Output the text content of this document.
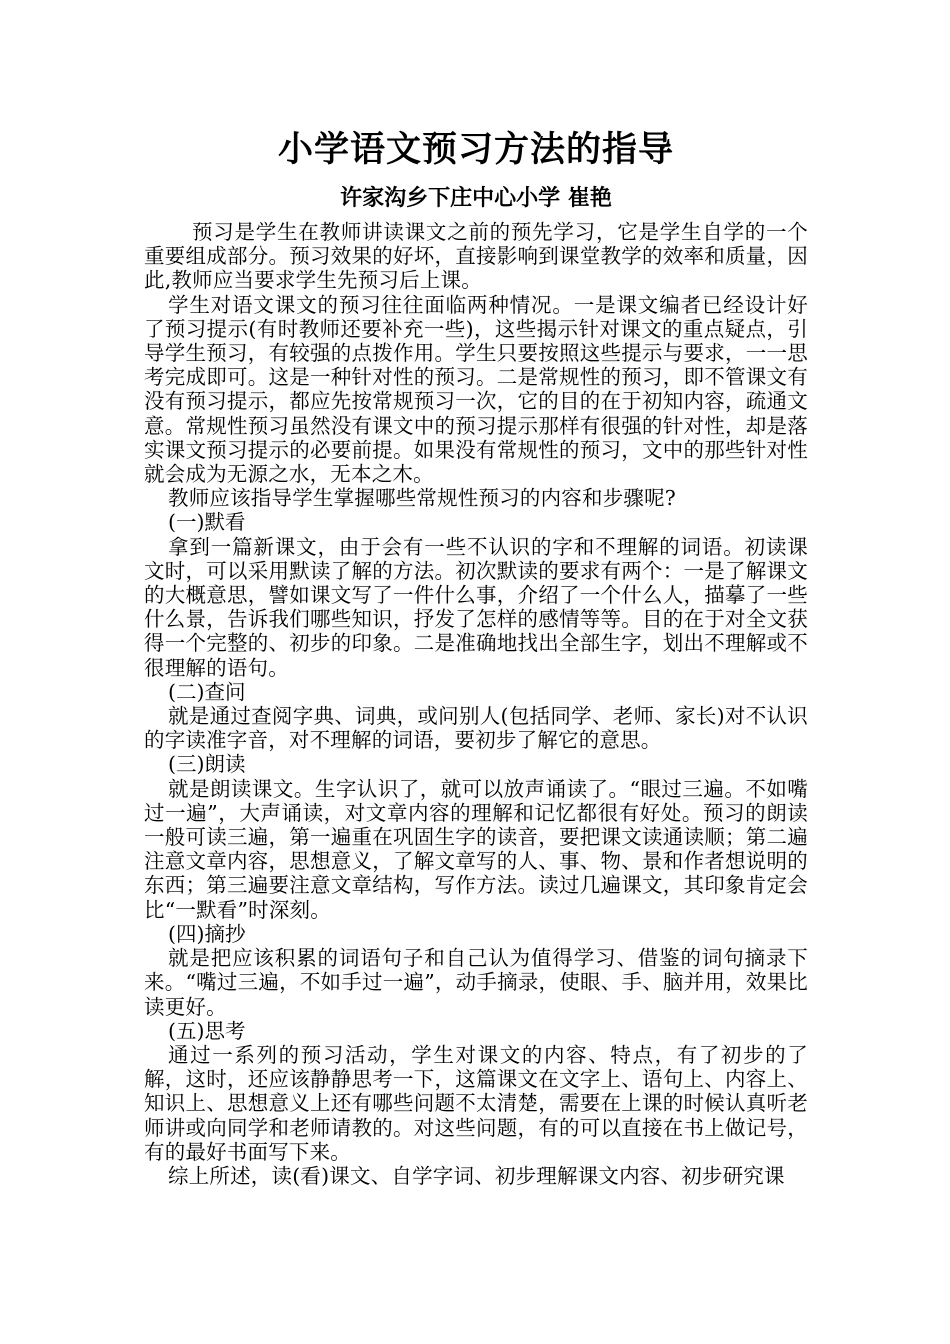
小学语文预习方法的指导
许家沟乡下庄中心小学 崔艳

预习是学生在教师讲读课文之前的预先学习，它是学生自学的一个重要组成部分。预习效果的好坏，直接影响到课堂教学的效率和质量，因此,教师应当要求学生先预习后上课。

学生对语文课文的预习往往面临两种情况。一是课文编者已经设计好了预习提示(有时教师还要补充一些)，这些揭示针对课文的重点疑点，引导学生预习，有较强的点拨作用。学生只要按照这些提示与要求，一一思考完成即可。这是一种针对性的预习。二是常规性的预习，即不管课文有没有预习提示，都应先按常规预习一次，它的目的在于初知内容，疏通文意。常规性预习虽然没有课文中的预习提示那样有很强的针对性，却是落实课文预习提示的必要前提。如果没有常规性的预习，文中的那些针对性就会成为无源之水，无本之木。

教师应该指导学生掌握哪些常规性预习的内容和步骤呢?

(一)默看

拿到一篇新课文，由于会有一些不认识的字和不理解的词语。初读课文时，可以采用默读了解的方法。初次默读的要求有两个：一是了解课文的大概意思，譬如课文写了一件什么事，介绍了一个什么人，描摹了一些什么景，告诉我们哪些知识，抒发了怎样的感情等等。目的在于对全文获得一个完整的、初步的印象。二是准确地找出全部生字，划出不理解或不很理解的语句。

(二)查问

就是通过查阅字典、词典，或问别人(包括同学、老师、家长)对不认识的字读准字音，对不理解的词语，要初步了解它的意思。

(三)朗读

就是朗读课文。生字认识了，就可以放声诵读了。“眼过三遍。不如嘴过一遍”，大声诵读，对文章内容的理解和记忆都很有好处。预习的朗读一般可读三遍，第一遍重在巩固生字的读音，要把课文读通读顺；第二遍注意文章内容，思想意义，了解文章写的人、事、物、景和作者想说明的东西；第三遍要注意文章结构，写作方法。读过几遍课文，其印象肯定会比“一默看”时深刻。

(四)摘抄

就是把应该积累的词语句子和自己认为值得学习、借鉴的词句摘录下来。“嘴过三遍，不如手过一遍”，动手摘录，使眼、手、脑并用，效果比读更好。

(五)思考

通过一系列的预习活动，学生对课文的内容、特点，有了初步的了解，这时，还应该静静思考一下，这篇课文在文字上、语句上、内容上、知识上、思想意义上还有哪些问题不太清楚，需要在上课的时候认真听老师讲或向同学和老师请教的。对这些问题，有的可以直接在书上做记号，有的最好书面写下来。

综上所述，读(看)课文、自学字词、初步理解课文内容、初步研究课
